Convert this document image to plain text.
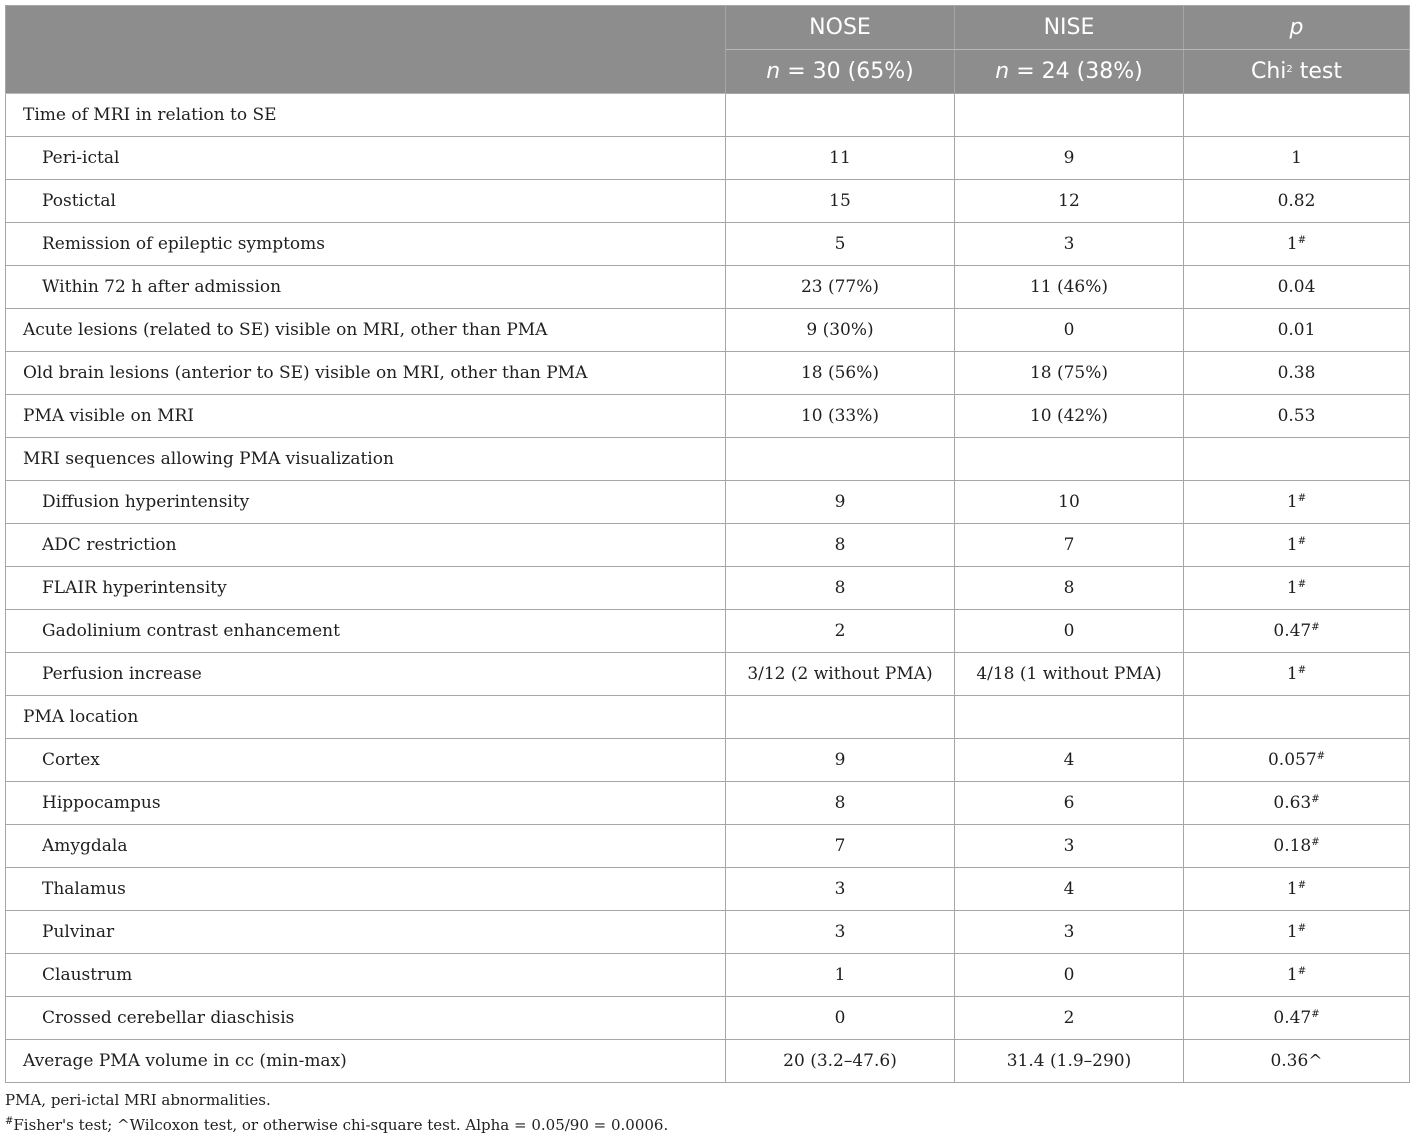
	NOSE	NISE	p
	n = 30 (65%)	n = 24 (38%)	Chi$^2$ test
Time of MRI in relation to SE			
Peri-ictal	11	9	1
Postictal	15	12	0.82
Remission of epileptic symptoms	5	3	1#
Within 72 h after admission	23 (77%)	11 (46%)	0.04
Acute lesions (related to SE) visible on MRI, other than PMA	9 (30%)	0	0.01
Old brain lesions (anterior to SE) visible on MRI, other than PMA	18 (56%)	18 (75%)	0.38
PMA visible on MRI	10 (33%)	10 (42%)	0.53
MRI sequences allowing PMA visualization			
Diffusion hyperintensity	9	10	1#
ADC restriction	8	7	1#
FLAIR hyperintensity	8	8	1#
Gadolinium contrast enhancement	2	0	0.47#
Perfusion increase	3/12 (2 without PMA)	4/18 (1 without PMA)	1#
PMA location			
Cortex	9	4	0.057#
Hippocampus	8	6	0.63#
Amygdala	7	3	0.18#
Thalamus	3	4	1#
Pulvinar	3	3	1#
Claustrum	1	0	1#
Crossed cerebellar diaschisis	0	2	0.47#
Average PMA volume in cc (min-max)	20 (3.2–47.6)	31.4 (1.9–290)	0.36^
PMA, peri-ictal MRI abnormalities.
#Fisher's test; ^Wilcoxon test, or otherwise chi-square test. Alpha = 0.05/90 = 0.0006.
